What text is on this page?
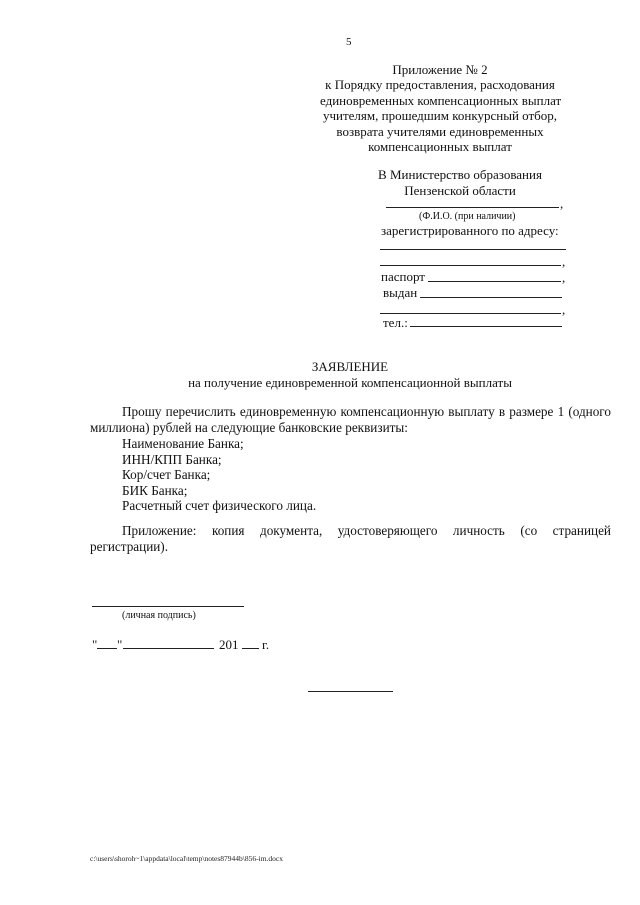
5
Приложение № 2
к Порядку предоставления, расходования
единовременных компенсационных выплат
учителям, прошедшим конкурсный отбор,
возврата учителями единовременных
компенсационных выплат
В Министерство образования
Пензенской области
,
(Ф.И.О. (при наличии)
зарегистрированного по адресу:
,
паспорт	,
выдан
,
тел.:
ЗАЯВЛЕНИЕ
на получение единовременной компенсационной выплаты
Прошу перечислить единовременную компенсационную выплату в размере 1 (одного
миллиона) рублей на следующие банковские реквизиты:
Наименование Банка;
ИНН/КПП Банка;
Кор/счет Банка;
БИК Банка;
Расчетный счет физического лица.
Приложение: копия документа, удостоверяющего личность (со страницей
регистрации).
(личная подпись)
" "	201 г.
c:\users\shoroh~1\appdata\local\temp\notes87944b\856-im.docx
